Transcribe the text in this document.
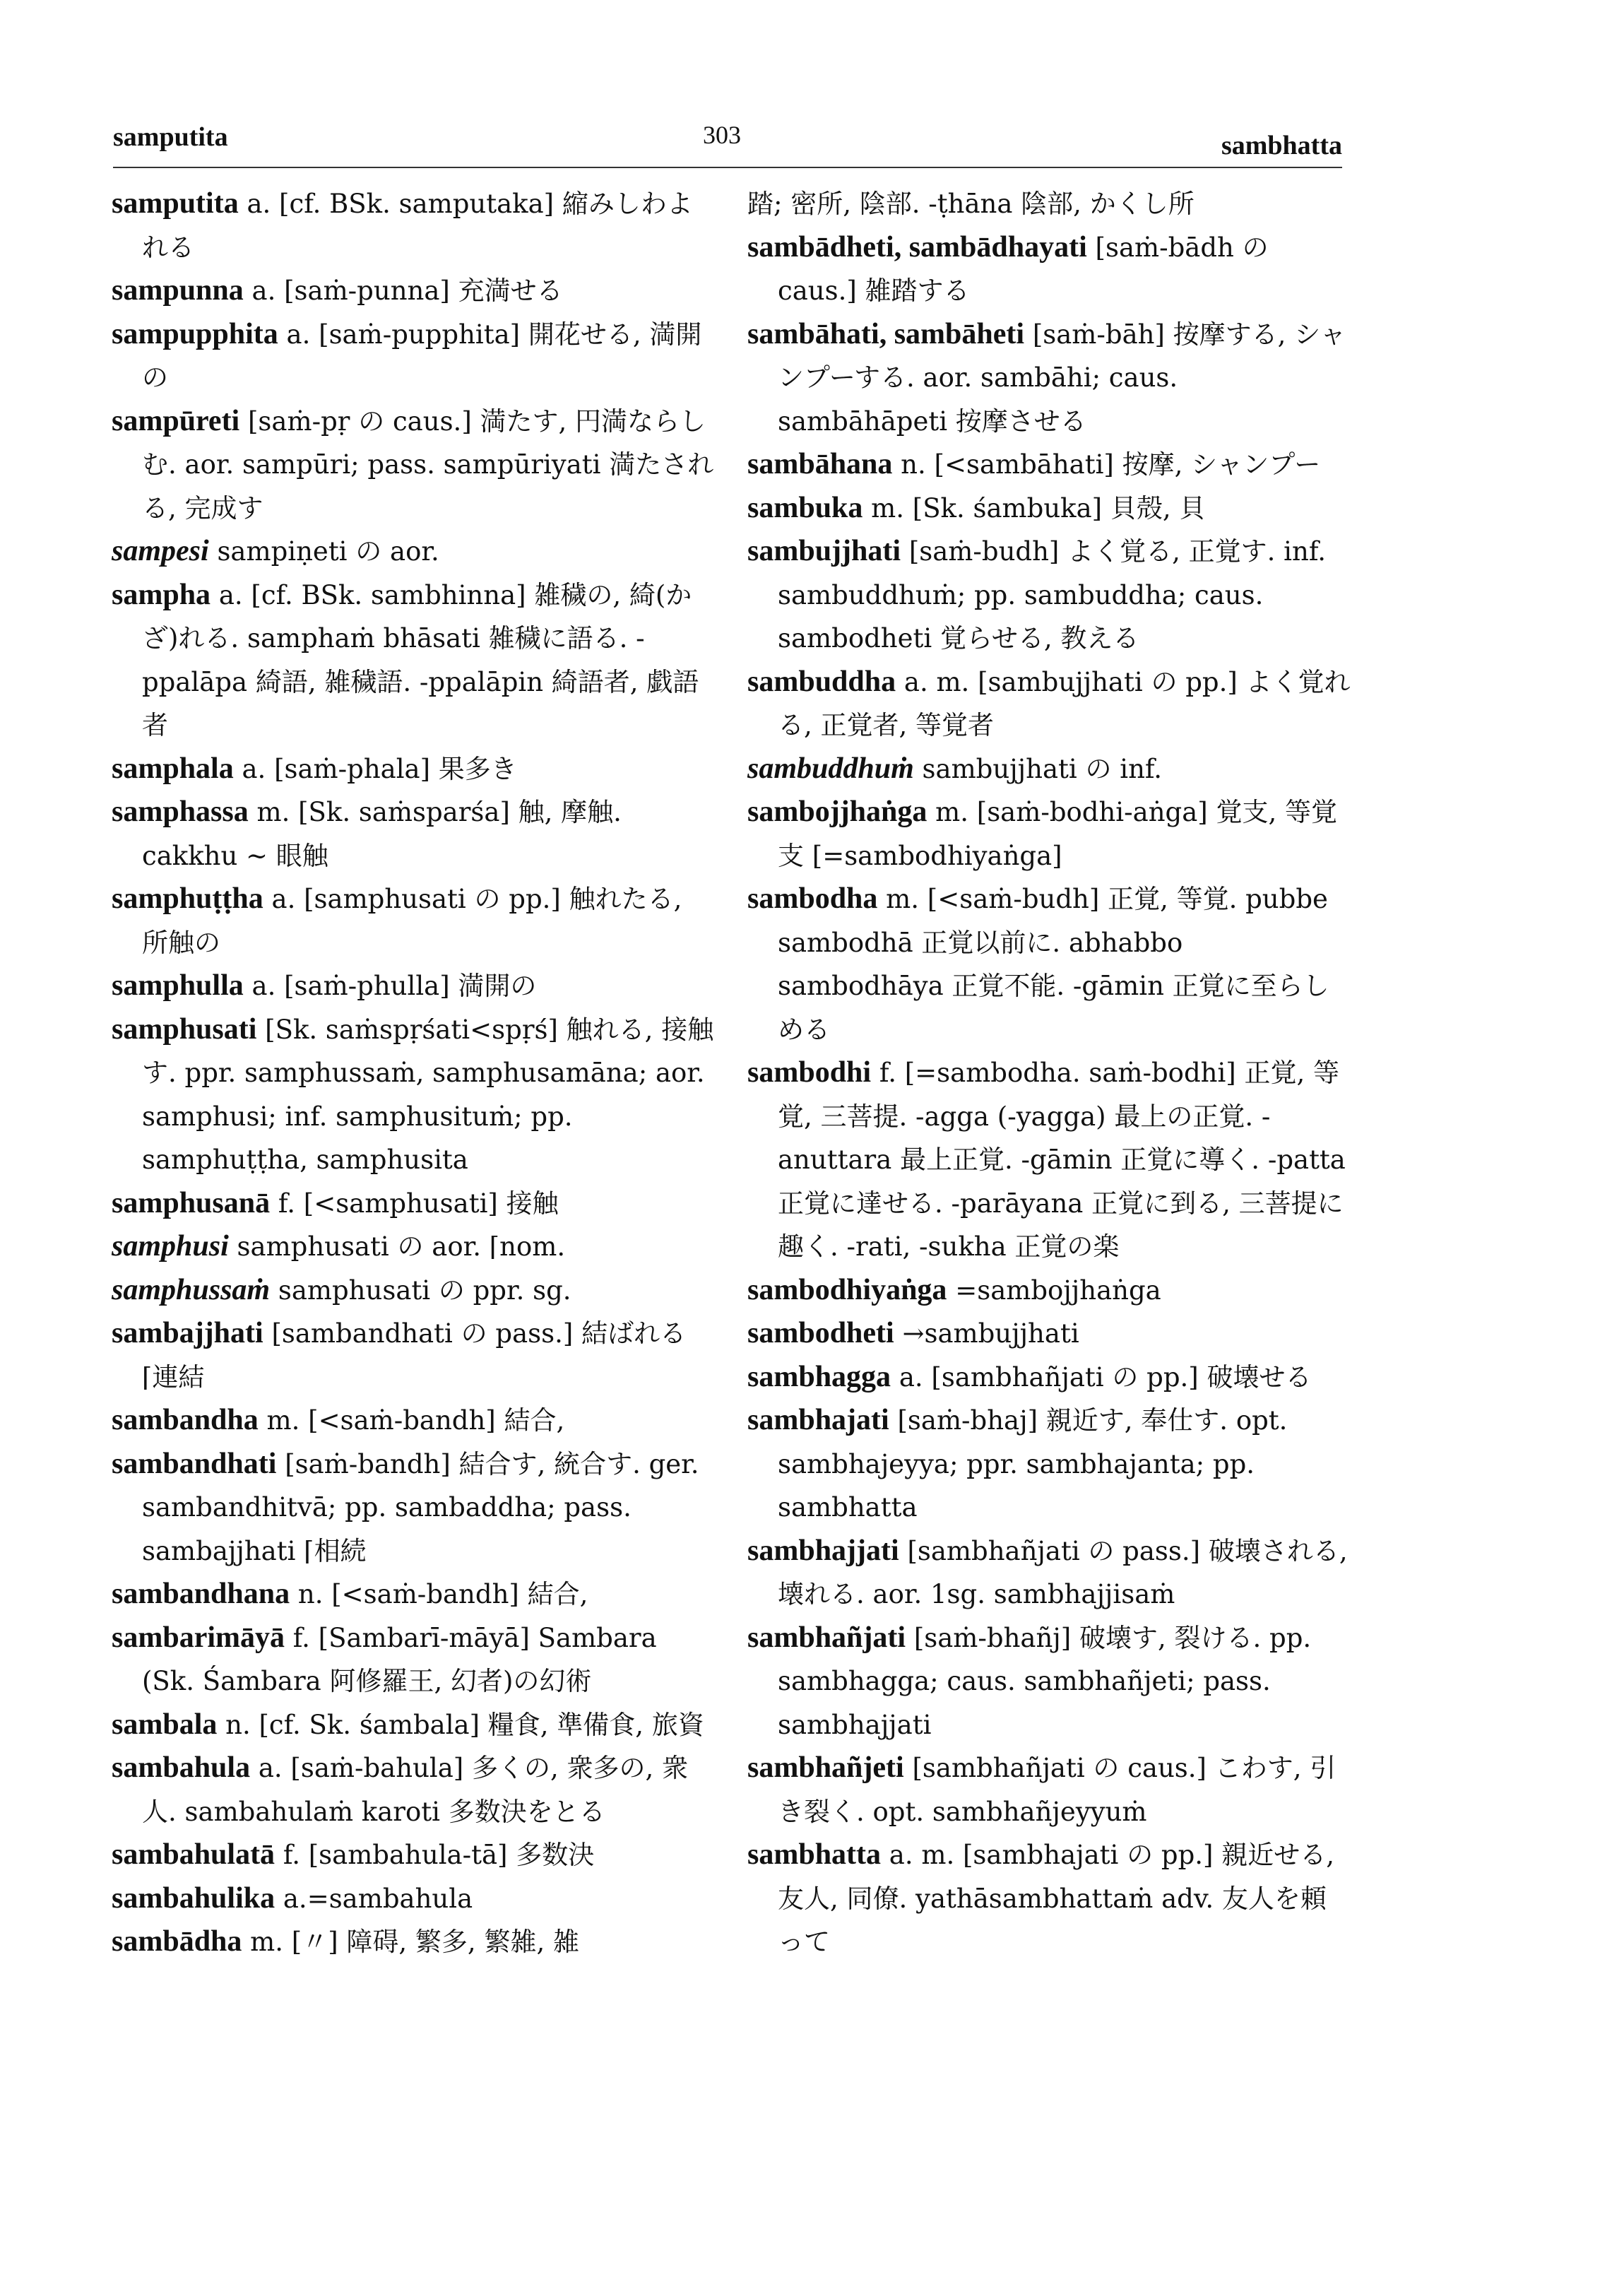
samputita	303	sambhatta

samputita a. [cf. BSk. samputaka] 縮みしわよれる

sampunna a. [saṁ-punna] 充満せる

sampupphita a. [saṁ-pupphita] 開花せる, 満開の

sampūreti [saṁ-pṛ の caus.] 満たす, 円満ならしむ. aor. sampūri; pass. sampūriyati 満たされる, 完成す

sampesi sampiṇeti の aor.

sampha a. [cf. BSk. sambhinna] 雑穢の, 綺(かざ)れる. samphaṁ bhāsati 雑穢に語る. -ppalāpa 綺語, 雑穢語. -ppalāpin 綺語者, 戯語者

samphala a. [saṁ-phala] 果多き

samphassa m. [Sk. saṁsparśa] 触, 摩触. cakkhu ~ 眼触

samphuṭṭha a. [samphusati の pp.] 触れたる, 所触の

samphulla a. [saṁ-phulla] 満開の

samphusati [Sk. saṁspṛśati<spṛś] 触れる, 接触す. ppr. samphussaṁ, samphusamāna; aor. samphusi; inf. samphusituṁ; pp. samphuṭṭha, samphusita

samphusanā f. [<samphusati] 接触

samphusi samphusati の aor. ⌈nom.

samphussaṁ samphusati の ppr. sg.

sambajjhati [sambandhati の pass.] 結ばれる ⌈連結

sambandha m. [<saṁ-bandh] 結合,

sambandhati [saṁ-bandh] 結合す, 統合す. ger. sambandhitvā; pp. sambaddha; pass. sambajjhati ⌈相続

sambandhana n. [<saṁ-bandh] 結合,

sambarimāyā f. [Sambarī-māyā] Sambara (Sk. Śambara 阿修羅王, 幻者)の幻術

sambala n. [cf. Sk. śambala] 糧食, 準備食, 旅資

sambahula a. [saṁ-bahula] 多くの, 衆多の, 衆人. sambahulaṁ karoti 多数決をとる

sambahulatā f. [sambahula-tā] 多数決

sambahulika a.=sambahula

sambādha m. [〃] 障碍, 繁多, 繁雑, 雑

踏; 密所, 陰部. -ṭhāna 陰部, かくし所

sambādheti, sambādhayati [saṁ-bādh の caus.] 雑踏する

sambāhati, sambāheti [saṁ-bāh] 按摩する, シャンプーする. aor. sambāhi; caus. sambāhāpeti 按摩させる

sambāhana n. [<sambāhati] 按摩, シャンプー

sambuka m. [Sk. śambuka] 貝殻, 貝

sambujjhati [saṁ-budh] よく覚る, 正覚す. inf. sambuddhuṁ; pp. sambuddha; caus. sambodheti 覚らせる, 教える

sambuddha a. m. [sambujjhati の pp.] よく覚れる, 正覚者, 等覚者

sambuddhuṁ sambujjhati の inf.

sambojjhaṅga m. [saṁ-bodhi-aṅga] 覚支, 等覚支 [=sambodhiyaṅga]

sambodha m. [<saṁ-budh] 正覚, 等覚. pubbe sambodhā 正覚以前に. abhabbo sambodhāya 正覚不能. -gāmin 正覚に至らしめる

sambodhi f. [=sambodha. saṁ-bodhi] 正覚, 等覚, 三菩提. -agga (-yagga) 最上の正覚. -anuttara 最上正覚. -gāmin 正覚に導く. -patta 正覚に達せる. -parāyana 正覚に到る, 三菩提に趣く. -rati, -sukha 正覚の楽

sambodhiyaṅga =sambojjhaṅga

sambodheti →sambujjhati

sambhagga a. [sambhañjati の pp.] 破壊せる

sambhajati [saṁ-bhaj] 親近す, 奉仕す. opt. sambhajeyya; ppr. sambhajanta; pp. sambhatta

sambhajjati [sambhañjati の pass.] 破壊される, 壊れる. aor. 1sg. sambhajjisaṁ

sambhañjati [saṁ-bhañj] 破壊す, 裂ける. pp. sambhagga; caus. sambhañjeti; pass. sambhajjati

sambhañjeti [sambhañjati の caus.] こわす, 引き裂く. opt. sambhañjeyyuṁ

sambhatta a. m. [sambhajati の pp.] 親近せる, 友人, 同僚. yathāsambhattaṁ adv. 友人を頼って
